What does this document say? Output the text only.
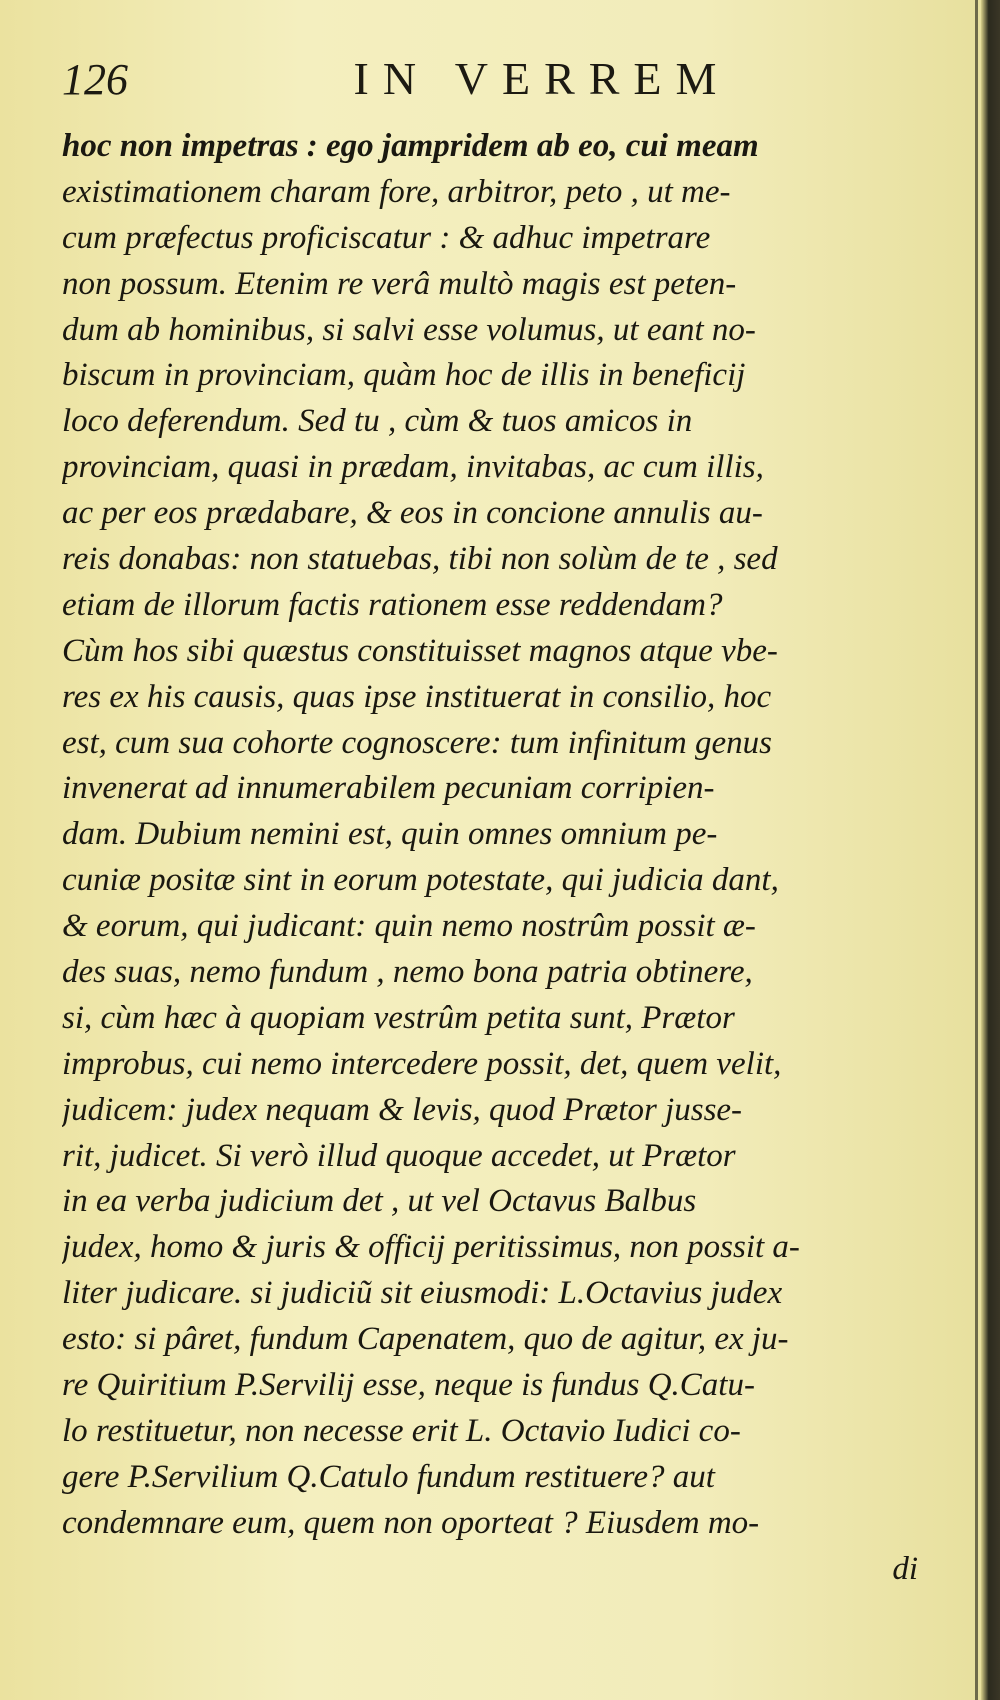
126	IN VERREM
hoc non impetras : ego jampridem ab eo, cui meam
existimationem charam fore, arbitror, peto , ut me-
cum præfectus proficiscatur : & adhuc impetrare
non possum. Etenim re verâ multò magis est peten-
dum ab hominibus, si salvi esse volumus, ut eant no-
biscum in provinciam, quàm hoc de illis in beneficij
loco deferendum. Sed tu , cùm & tuos amicos in
provinciam, quasi in prædam, invitabas, ac cum illis,
ac per eos prædabare, & eos in concione annulis au-
reis donabas: non statuebas, tibi non solùm de te , sed
etiam de illorum factis rationem esse reddendam?
Cùm hos sibi quæstus constituisset magnos atque vbe-
res ex his causis, quas ipse instituerat in consilio, hoc
est, cum sua cohorte cognoscere: tum infinitum genus
invenerat ad innumerabilem pecuniam corripien-
dam. Dubium nemini est, quin omnes omnium pe-
cuniæ positæ sint in eorum potestate, qui judicia dant,
& eorum, qui judicant: quin nemo nostrûm possit æ-
des suas, nemo fundum , nemo bona patria obtinere,
si, cùm hæc à quopiam vestrûm petita sunt, Prætor
improbus, cui nemo intercedere possit, det, quem velit,
judicem: judex nequam & levis, quod Prætor jusse-
rit, judicet. Si verò illud quoque accedet, ut Prætor
in ea verba judicium det , ut vel Octavus Balbus
judex, homo & juris & officij peritissimus, non possit a-
liter judicare. si judiciũ sit eiusmodi: L.Octavius judex
esto: si pâret, fundum Capenatem, quo de agitur, ex ju-
re Quiritium P.Servilij esse, neque is fundus Q.Catu-
lo restituetur, non necesse erit L. Octavio Iudici co-
gere P.Servilium Q.Catulo fundum restituere? aut
condemnare eum, quem non oporteat ? Eiusdem mo-
di
